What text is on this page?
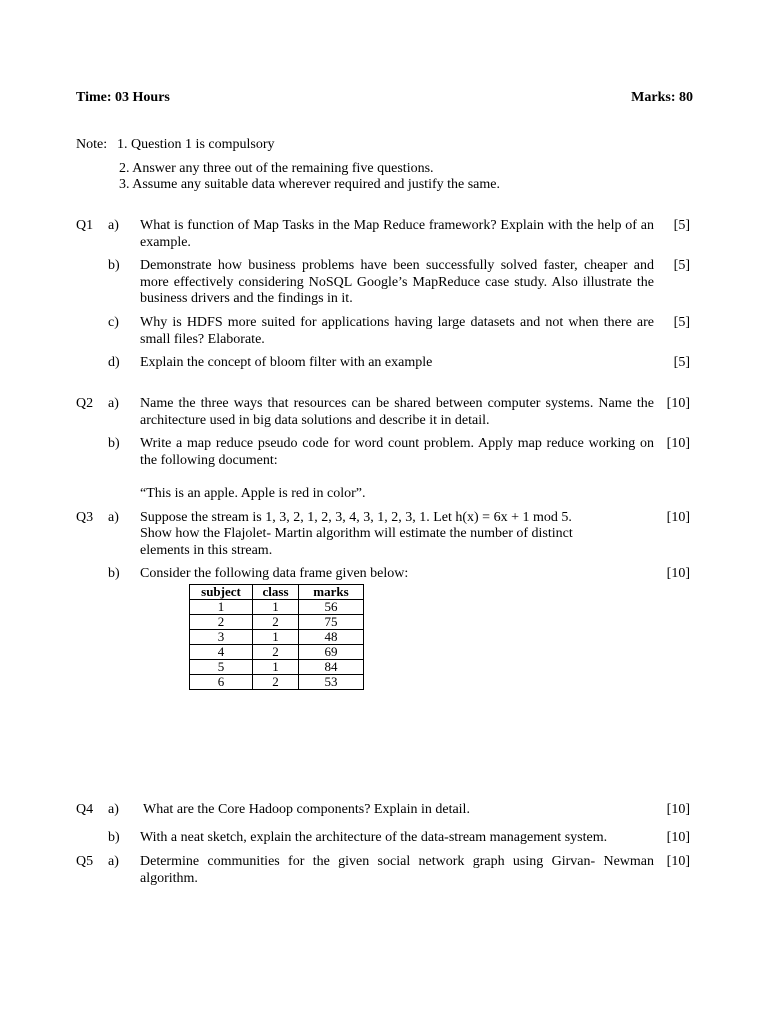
Time: 03 Hours	Marks: 80
Note: 1. Question 1 is compulsory
2. Answer any three out of the remaining five questions.
3. Assume any suitable data wherever required and justify the same.
Q1 a) What is function of Map Tasks in the Map Reduce framework? Explain with the help of an example.
[5]
b) Demonstrate how business problems have been successfully solved faster, cheaper and more effectively considering NoSQL Google’s MapReduce case study. Also illustrate the business drivers and the findings in it.
[5]
c) Why is HDFS more suited for applications having large datasets and not when there are small files? Elaborate.
[5]
d) Explain the concept of bloom filter with an example	[5]
Q2 a) Name the three ways that resources can be shared between computer systems. Name the architecture used in big data solutions and describe it in detail.
[10]
b) Write a map reduce pseudo code for word count problem. Apply map reduce working on the following document:
[10]
“This is an apple. Apple is red in color”.
Q3 a) Suppose the stream is 1, 3, 2, 1, 2, 3, 4, 3, 1, 2, 3, 1. Let h(x) = 6x + 1 mod 5.
Show how the Flajolet- Martin algorithm will estimate the number of distinct
elements in this stream.
[10]
b) Consider the following data frame given below:	[10]
subject	class	marks
1	1	56
2	2	75
3	1	48
4	2	69
5	1	84
6	2	53
Q4 a) What are the Core Hadoop components? Explain in detail.	[10]
b) With a neat sketch, explain the architecture of the data-stream management system.	[10]
Q5 a) Determine communities for the given social network graph using Girvan- Newman algorithm.
[10]
